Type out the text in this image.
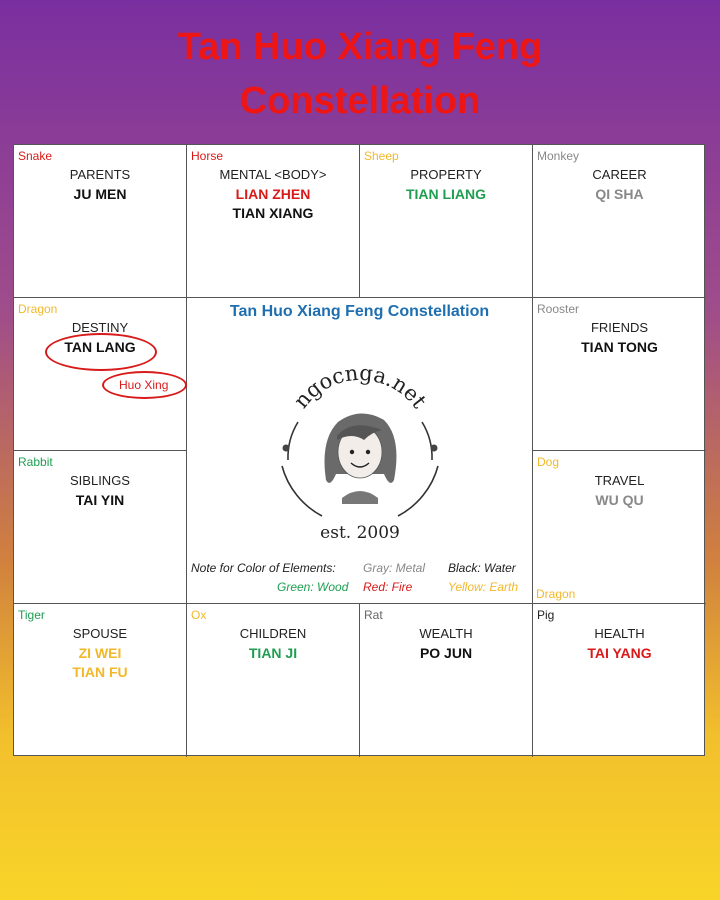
Tan Huo Xiang Feng
Constellation
Snake
PARENTS
JU MEN
Horse
MENTAL <BODY>
LIAN ZHEN
TIAN XIANG
Sheep
PROPERTY
TIAN LIANG
Monkey
CAREER
QI SHA
Dragon
DESTINY
TAN LANG
Huo Xing
Rooster
FRIENDS
TIAN TONG
Rabbit
SIBLINGS
TAI YIN
Dog
TRAVEL
WU QU
Tiger
SPOUSE
ZI WEI
TIAN FU
Ox
CHILDREN
TIAN JI
Rat
WEALTH
PO JUN
Pig
HEALTH
TAI YANG
Tan Huo Xiang Feng Constellation
ngocnga.net
est. 2009
Note for Color of Elements: Gray: Metal Black: Water
Green: Wood Red: Fire	Yellow: Earth Dragon
